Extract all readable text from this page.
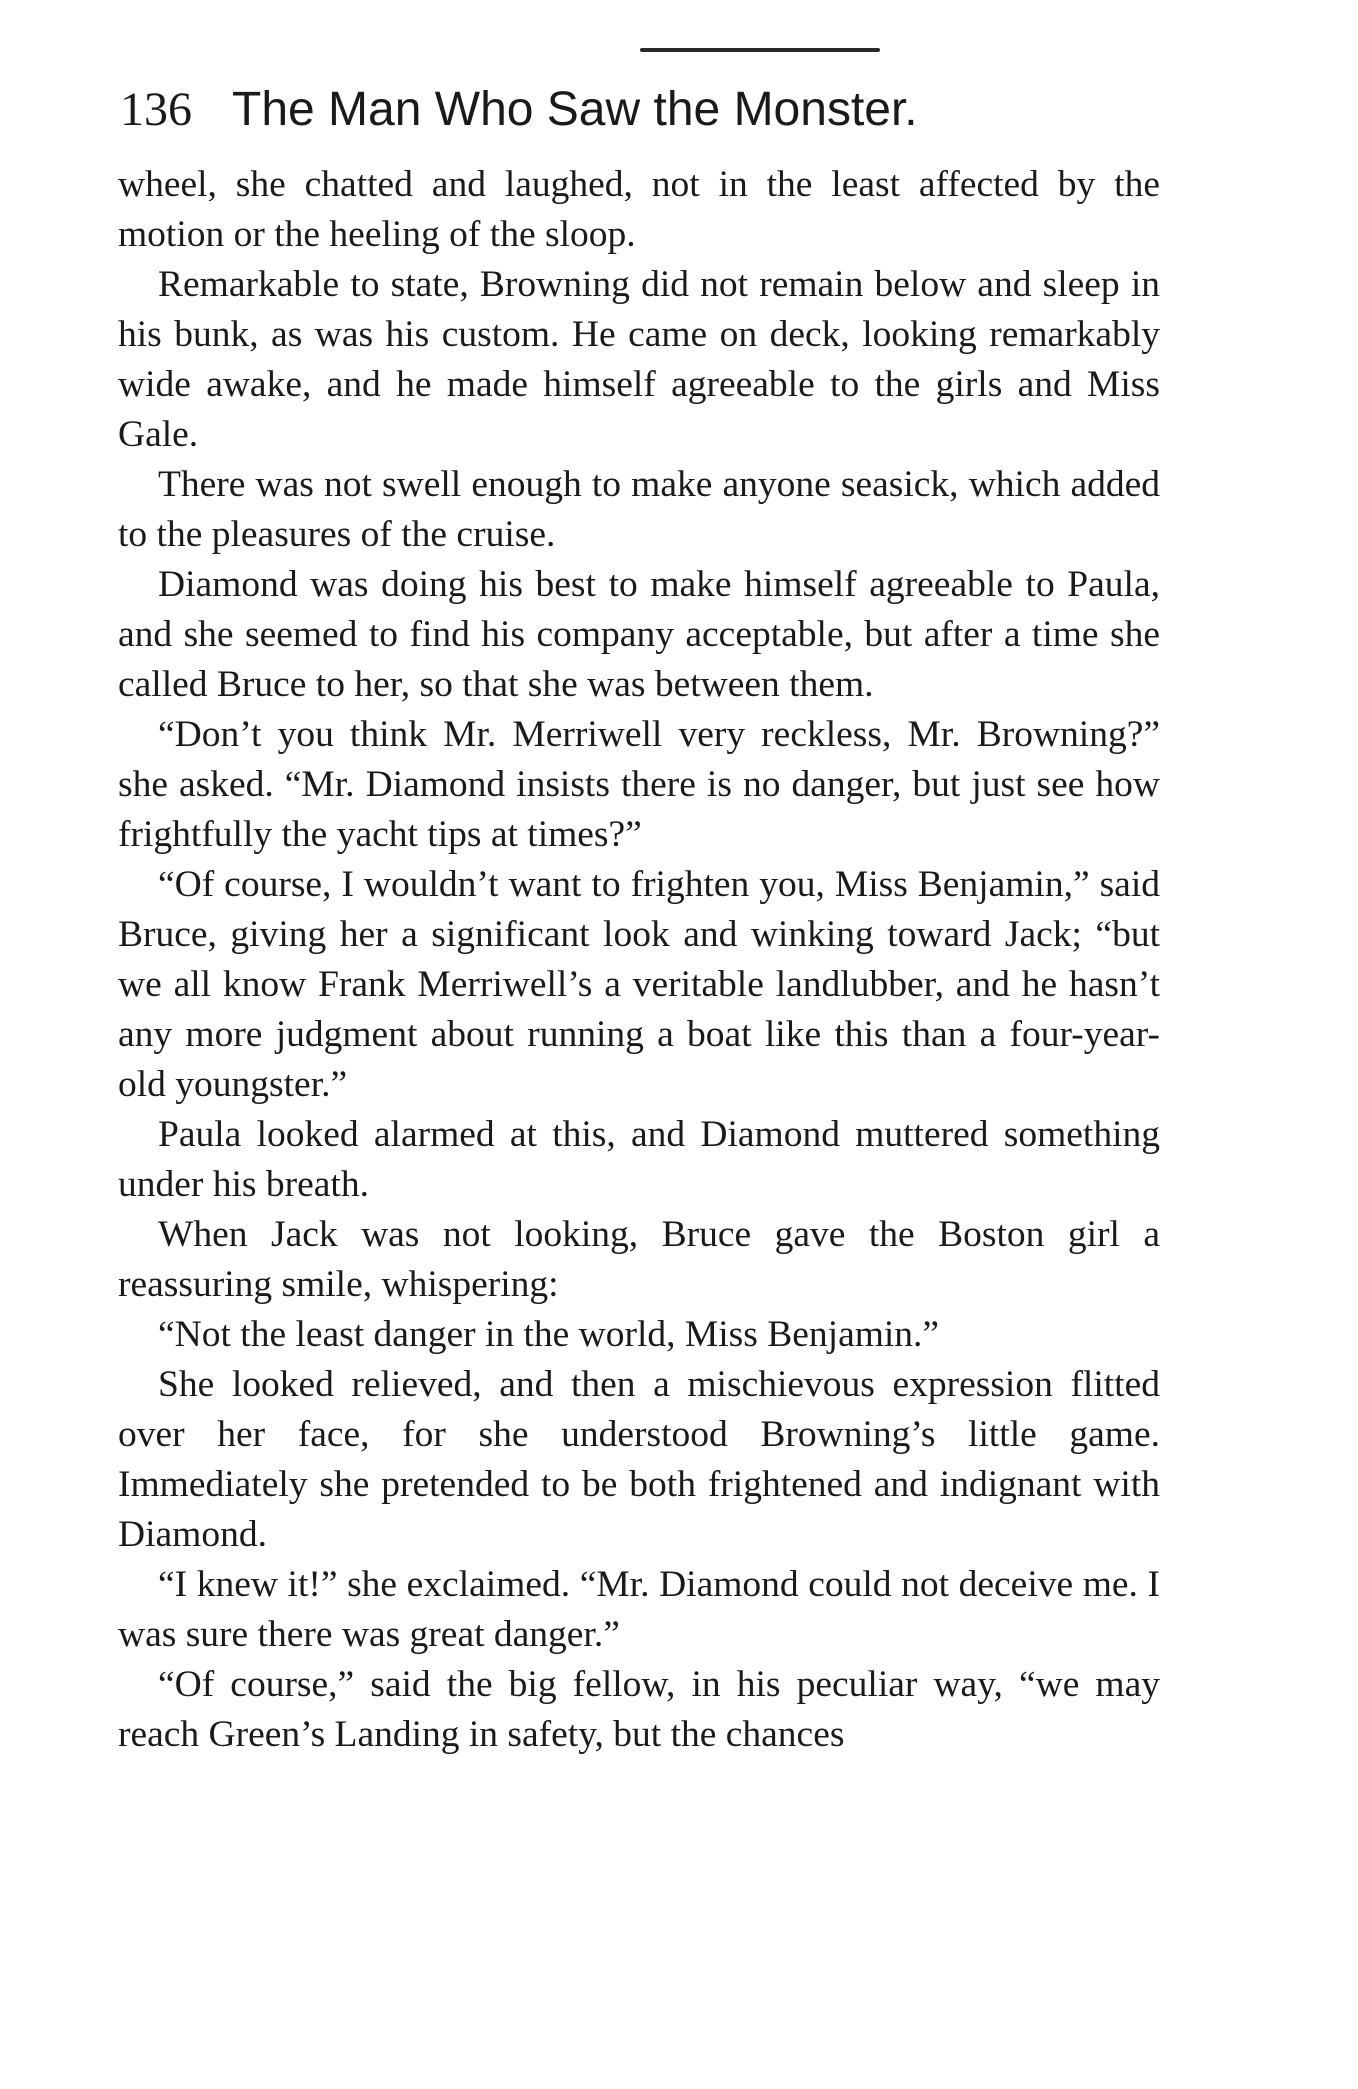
136 The Man Who Saw the Monster.

wheel, she chatted and laughed, not in the least affected by the motion or the heeling of the sloop.

Remarkable to state, Browning did not remain below and sleep in his bunk, as was his custom. He came on deck, looking remarkably wide awake, and he made himself agreeable to the girls and Miss Gale.

There was not swell enough to make anyone seasick, which added to the pleasures of the cruise.

Diamond was doing his best to make himself agreeable to Paula, and she seemed to find his company acceptable, but after a time she called Bruce to her, so that she was between them.

“Don’t you think Mr. Merriwell very reckless, Mr. Browning?” she asked. “Mr. Diamond insists there is no danger, but just see how frightfully the yacht tips at times?”

“Of course, I wouldn’t want to frighten you, Miss Benjamin,” said Bruce, giving her a significant look and winking toward Jack; “but we all know Frank Merriwell’s a veritable landlubber, and he hasn’t any more judgment about running a boat like this than a four-year-old youngster.”

Paula looked alarmed at this, and Diamond muttered something under his breath.

When Jack was not looking, Bruce gave the Boston girl a reassuring smile, whispering:

“Not the least danger in the world, Miss Benjamin.”

She looked relieved, and then a mischievous expression flitted over her face, for she understood Browning’s little game. Immediately she pretended to be both frightened and indignant with Diamond.

“I knew it!” she exclaimed. “Mr. Diamond could not deceive me. I was sure there was great danger.”

“Of course,” said the big fellow, in his peculiar way, “we may reach Green’s Landing in safety, but the chances
